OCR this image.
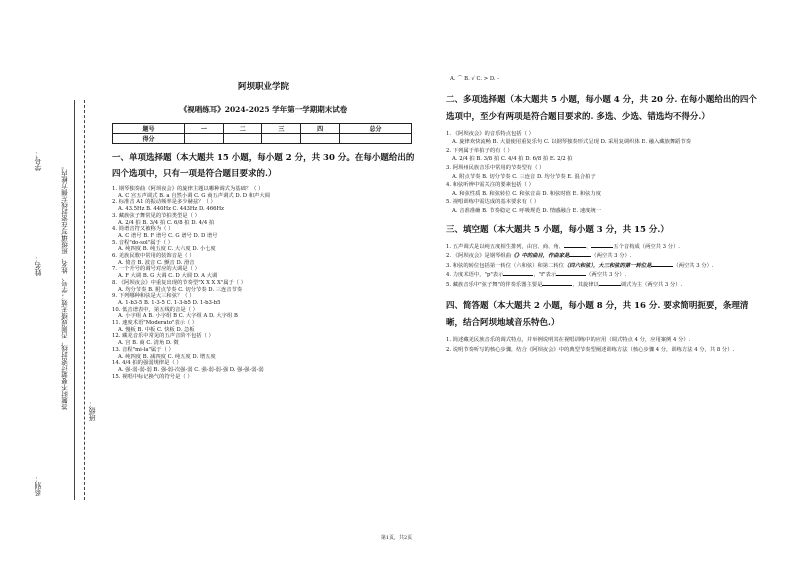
学号：
姓名：
系别：
答题时不要超过密封线，否则成绩无效；学号、姓名、班级填写在密封线左侧方框内。
班级：

阿坝职业学院

《视唱练耳》2024-2025 学年第一学期期末试卷

题号	一	二	三	四	总分
得分					
一、单项选择题（本大题共 15 小题，每小题 2 分，共 30 分。在每小题给出的四个选项中，只有一项是符合题目要求的.）
1. 钢琴独奏曲《阿坝夜会》的旋律主题以哪种调式为基础？（ ）
A. C 宫五声调式 B. a 自然小调 C. G 商五声调式 D. D 和声大调
2. 标准音 A1 的振动频率是多少赫兹？（ ）
A. 43.5Hz B. 440Hz C. 443Hz D. 466Hz
3. 藏族弦子舞常见的节拍类型是（ ）
A. 2/4 拍 B. 3/4 拍 C. 6/8 拍 D. 4/4 拍
4. 简谱音符又被称为（ ）
A. C 谱号 B. F 谱号 C. G 谱号 D. D 谱号
5. 音程"do-sol"属于（ ）
A. 纯四度 B. 纯五度 C. 大六度 D. 小七度
6. 羌族民歌中常用的装饰音是（ ）
A. 倚音 B. 波音 C. 颤音 D. 滑音
7. 一个升号的调号对应的大调是（ ）
A. F 大调 B. G 大调 C. D 大调 D. A 大调
8. 《阿坝夜会》中重复出现的节奏型"X X X X"属于（ ）
A. 均分节奏 B. 附点节奏 C. 切分节奏 D. 三连音节奏
9. 下列哪种和弦是大三和弦？（ ）
A. 1-b3-5 B. 1-3-5 C. 1-3-b5 D. 1-b3-b5
10. 低音谱表中，第五线的音是（ ）
A. 小字组 A B. 小字组 B C. 大字组 A D. 大字组 B
11. 速度术语"Moderato"表示（ ）
A. 慢板 B. 中板 C. 快板 D. 急板
12. 藏羌音乐中常见的五声音阶不包括（ ）
A. 宫 B. 商 C. 清角 D. 徵
13. 音程"mi-la"属于（ ）
A. 纯四度 B. 减四度 C. 纯五度 D. 增五度
14. 4/4 拍的强弱规律是（ ）
A. 强-弱-弱-弱 B. 强-弱-次强-弱 C. 强-弱-弱-强 D. 强-强-弱-弱
15. 视唱中标记换气的符号是（ ）
A. ⌒ B. √ C. > D. -
二、多项选择题（本大题共 5 小题，每小题 4 分，共 20 分. 在每小题给出的四个选项中，至少有两项是符合题目要求的. 多选、少选、错选均不得分.）
1. 《阿坝夜会》的音乐特点包括（ ）
A. 旋律欢快流畅 B. 大量使用重复乐句 C. 以钢琴独奏形式呈现 D. 采用复调织体 E. 融入藏族舞蹈节奏
2. 下列属于单拍子的有（ ）
A. 2/4 拍 B. 3/8 拍 C. 4/4 拍 D. 6/8 拍 E. 2/2 拍
3. 阿坝州民族音乐中常用的节奏型有（ ）
A. 附点节奏 B. 切分节奏 C. 三连音 D. 均分节奏 E. 混合拍子
4. 和弦听辨中需关注的要素包括（ ）
A. 和弦性质 B. 和弦转位 C. 和弦音高 D. 和弦时值 E. 和弦力度
5. 视唱训练中需达成的基本要求有（ ）
A. 音准准确 B. 节奏稳定 C. 呼吸规范 D. 情感融合 E. 速度统一
三、填空题（本大题共 5 小题，每小题 3 分，共 15 分.）
1. 五声调式是以纯五度相生排列，由宫、商、角、	、	五个音构成（两空共 3 分）.
2. 《阿坝夜会》是钢琴组曲《》中的曲目，作曲家是	（两空共 3 分）.
3. 和弦的转位包括第一转位（六和弦）和第二转位（四六和弦），大三和弦的第一转位是	（两空共 3 分）.
4. 力度术语中，"p"表示	，"f"表示	（两空共 3 分）.
5. 藏族音乐中"弦子舞"的伴奏乐器主要是	，其旋律以	调式为主（两空共 3 分）.
四、简答题（本大题共 2 小题，每小题 8 分，共 16 分. 要求简明扼要，条理清晰，结合阿坝地域音乐特色.）
1. 简述藏羌民族音乐的调式特点，并举例说明其在视唱训练中的应用（调式特点 4 分，应用案例 4 分）.
2. 说明节奏听写的核心步骤，结合《阿坝夜会》中的典型节奏型阐述训练方法（核心步骤 4 分，训练方法 4 分，共 8 分）.
第1页，共2页
